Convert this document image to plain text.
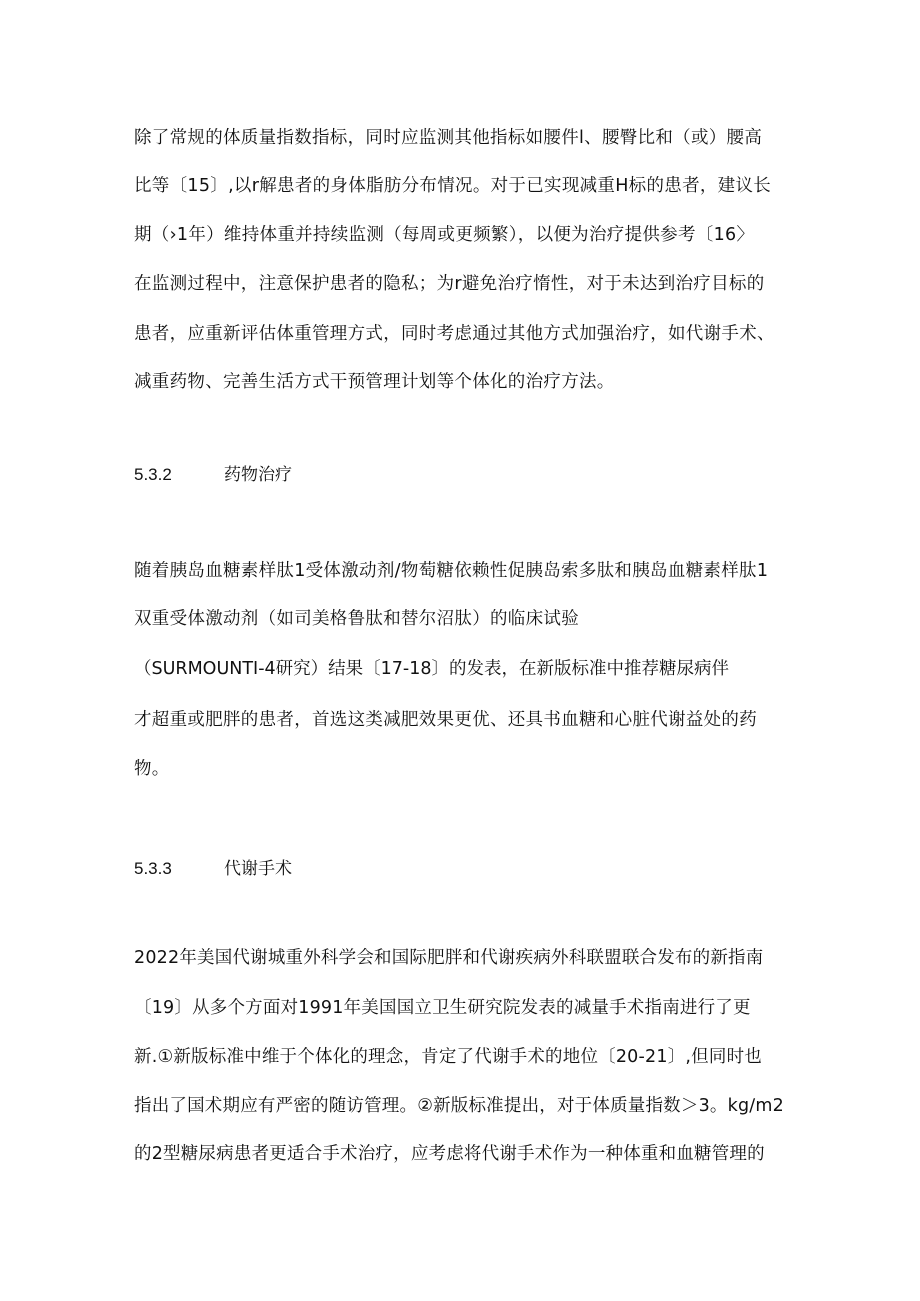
除了常规的体质量指数指标，同时应监测其他指标如腰件l、腰臀比和（或）腰高
比等〔15〕,以r解患者的身体脂肪分布情况。对于已实现减重H标的患者，建议长
期（›1年）维持体重并持续监测（每周或更频繁），以便为治疗提供参考〔16〉
在监测过程中，注意保护患者的隐私；为r避免治疗惰性，对于未达到治疗目标的
患者，应重新评估体重管理方式，同时考虑通过其他方式加强治疗，如代谢手术、
减重药物、完善生活方式干预管理计划等个体化的治疗方法。
5.3.2	药物治疗
随着胰岛血糖素样肽1受体激动剂/物萄糖依赖性促胰岛索多肽和胰岛血糖素样肽1
双重受体激动剂（如司美格鲁肽和替尔沼肽）的临床试验
（SURMOUNTI-4研究）结果〔17-18〕的发表，在新版标准中推荐糖尿病伴
才超重或肥胖的患者，首选这类减肥效果更优、还具书血糖和心脏代谢益处的药
物。
5.3.3	代谢手术
2022年美国代谢城重外科学会和国际肥胖和代谢疾病外科联盟联合发布的新指南
〔19〕从多个方面对1991年美国国立卫生研究院发表的减量手术指南进行了更
新.①新版标准中维于个体化的理念，肯定了代谢手术的地位〔20-21〕,但同时也
指出了国术期应有严密的随访管理。②新版标准提出，对于体质量指数＞3。kg∕m2
的2型糖尿病患者更适合手术治疗，应考虑将代谢手术作为一种体重和血糖管理的
